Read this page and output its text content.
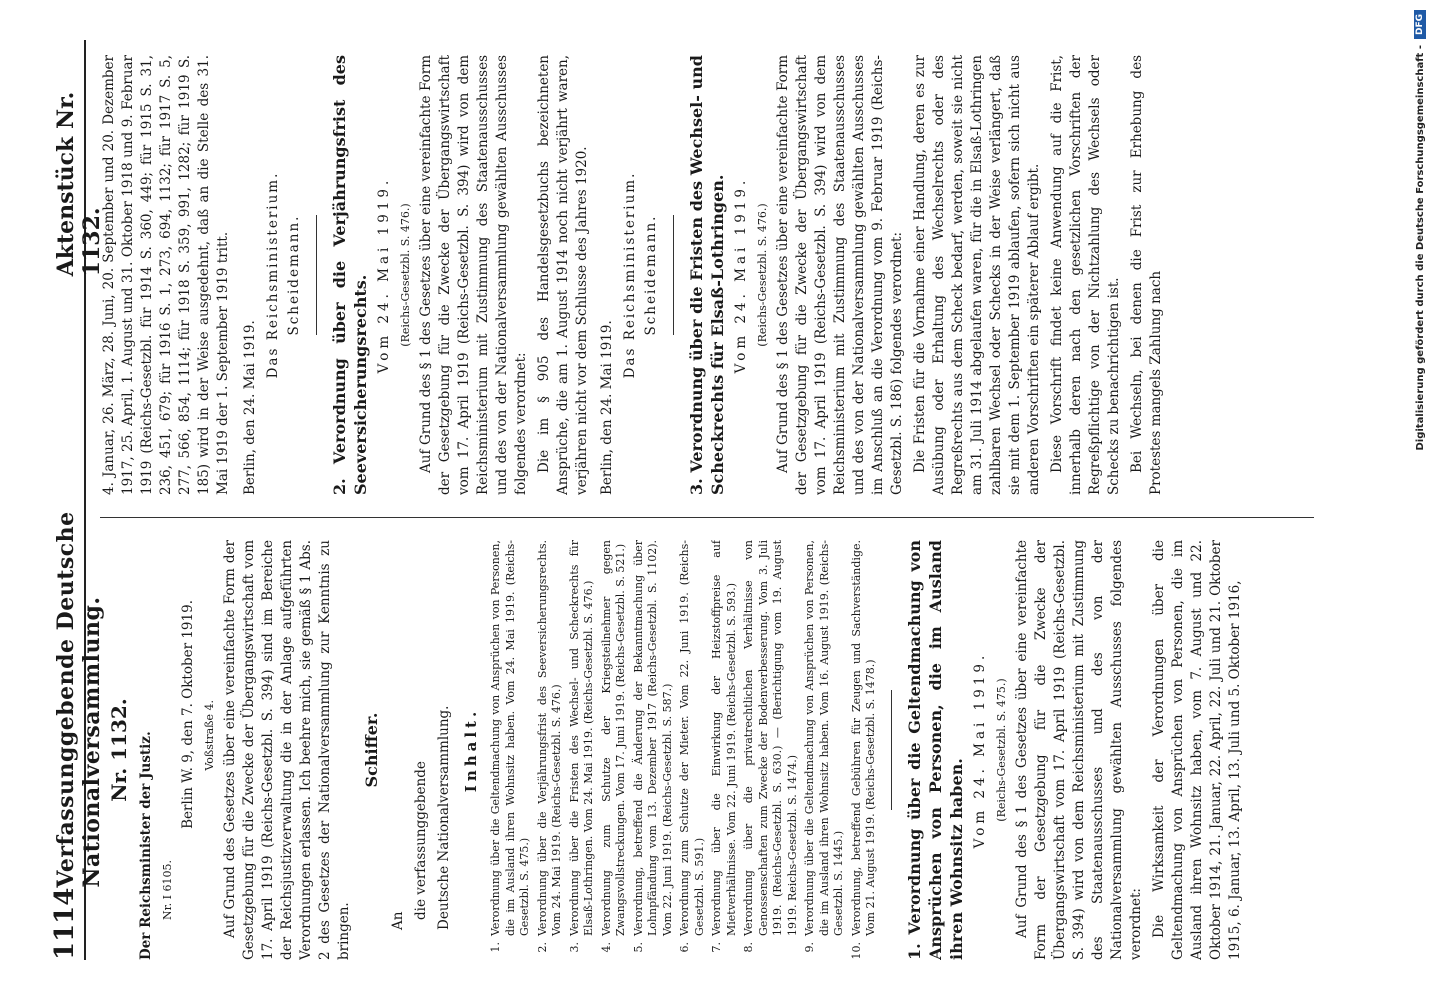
1114
Verfassunggebende Deutsche Nationalversammlung.
Aktenstück Nr. 1132.
Nr. 1132. Der Reichsminister der Justiz. Nr. I 6105.

Berlin W. 9, den 7. Oktober 1919. Voßstraße 4. Auf Grund des Gesetzes über eine vereinfachte Form der Gesetzgebung für die Zwecke der Übergangswirtschaft vom 17. April 1919 (Reichs-Gesetzbl. S. 394) sind im Bereiche der Reichsjustizverwaltung die in der Anlage aufgeführten Verordnungen erlassen. Ich beehre mich, sie gemäß § 1 Abs. 2 des Gesetzes der Nationalversammlung zur Kenntnis zu bringen.

Schiffer.

An

die verfassunggebende Deutsche Nationalversammlung. Inhalt.

1.
Verordnung über die Geltendmachung von Ansprüchen von Personen, die im Ausland ihren Wohnsitz haben. Vom 24. Mai 1919. (Reichs-Gesetzbl. S. 475.)
2.
Verordnung über die Verjährungsfrist des Seeversicherungsrechts. Vom 24. Mai 1919. (Reichs-Gesetzbl. S. 476.)
3.
Verordnung über die Fristen des Wechsel- und Scheckrechts für Elsaß-Lothringen. Vom 24. Mai 1919. (Reichs-Gesetzbl. S. 476.)
4.
Verordnung zum Schutze der Kriegsteilnehmer gegen Zwangsvollstreckungen. Vom 17. Juni 1919. (Reichs-Gesetzbl. S. 521.)
5.
Verordnung, betreffend die Änderung der Bekanntmachung über Lohnpfändung vom 13. Dezember 1917 (Reichs-Gesetzbl. S. 1102). Vom 22. Juni 1919. (Reichs-Gesetzbl. S. 587.)
6.
Verordnung zum Schutze der Mieter. Vom 22. Juni 1919. (Reichs-Gesetzbl. S. 591.)
7.
Verordnung über die Einwirkung der Heizstoffpreise auf Mietverhältnisse. Vom 22. Juni 1919. (Reichs-Gesetzbl. S. 593.)
8.
Verordnung über die privatrechtlichen Verhältnisse von Genossenschaften zum Zwecke der Bodenverbesserung. Vom 3. Juli 1919. (Reichs-Gesetzbl. S. 630.) — (Berichtigung vom 19. August 1919. Reichs-Gesetzbl. S. 1474.)
9.
Verordnung über die Geltendmachung von Ansprüchen von Personen, die im Ausland ihren Wohnsitz haben. Vom 16. August 1919. (Reichs-Gesetzbl. S. 1445.)
10.
Verordnung, betreffend Gebühren für Zeugen und Sachverständige. Vom 21. August 1919. (Reichs-Gesetzbl. S. 1478.) 1. Verordnung über die Geltendmachung von Ansprüchen von Personen, die im Ausland ihren Wohnsitz haben.

Vom 24. Mai 1919. (Reichs-Gesetzbl. S. 475.) Auf Grund des § 1 des Gesetzes über eine vereinfachte Form der Gesetzgebung für die Zwecke der Übergangswirtschaft vom 17. April 1919 (Reichs-Gesetzbl. S. 394) wird von dem Reichsministerium mit Zustimmung des Staatenausschusses und des von der Nationalversammlung gewählten Ausschusses folgendes verordnet: Die Wirksamkeit der Verordnungen über die Geltendmachung von Ansprüchen von Personen, die im Ausland ihren Wohnsitz haben, vom 7. August und 22. Oktober 1914, 21. Januar, 22. April, 22. Juli und 21. Oktober 1915, 6. Januar, 13. April, 13. Juli und 5. Oktober 1916,

4. Januar, 26. März, 28. Juni, 20. September und 20. Dezember 1917, 25. April, 1. August und 31. Oktober 1918 und 9. Februar 1919 (Reichs-Gesetzbl. für 1914 S. 360, 449; für 1915 S. 31, 236, 451, 679; für 1916 S. 1, 273, 694, 1132; für 1917 S. 5, 277, 566, 854, 1114; für 1918 S. 359, 991, 1282; für 1919 S. 185) wird in der Weise ausgedehnt, daß an die Stelle des 31. Mai 1919 der 1. September 1919 tritt. Berlin, den 24. Mai 1919.

Das Reichsministerium. Scheidemann. 2. Verordnung über die Verjährungsfrist des Seeversicherungsrechts. Vom 24. Mai 1919. (Reichs-Gesetzbl. S. 476.) Auf Grund des § 1 des Gesetzes über eine vereinfachte Form der Gesetzgebung für die Zwecke der Übergangswirtschaft vom 17. April 1919 (Reichs-Gesetzbl. S. 394) wird von dem Reichsministerium mit Zustimmung des Staatenausschusses und des von der Nationalversammlung gewählten Ausschusses folgendes verordnet: Die im § 905 des Handelsgesetzbuchs bezeichneten Ansprüche, die am 1. August 1914 noch nicht verjährt waren, verjähren nicht vor dem Schlusse des Jahres 1920. Berlin, den 24. Mai 1919.

Das Reichsministerium. Scheidemann. 3. Verordnung über die Fristen des Wechsel- und Scheckrechts für Elsaß-Lothringen. Vom 24. Mai 1919. (Reichs-Gesetzbl. S. 476.) Auf Grund des § 1 des Gesetzes über eine vereinfachte Form der Gesetzgebung für die Zwecke der Übergangswirtschaft vom 17. April 1919 (Reichs-Gesetzbl. S. 394) wird von dem Reichsministerium mit Zustimmung des Staatenausschusses und des von der Nationalversammlung gewählten Ausschusses im Anschluß an die Verordnung vom 9. Februar 1919 (Reichs-Gesetzbl. S. 186) folgendes verordnet: Die Fristen für die Vornahme einer Handlung, deren es zur Ausübung oder Erhaltung des Wechselrechts oder des Regreßrechts aus dem Scheck bedarf, werden, soweit sie nicht am 31. Juli 1914 abgelaufen waren, für die in Elsaß-Lothringen zahlbaren Wechsel oder Schecks in der Weise verlängert, daß sie mit dem 1. September 1919 ablaufen, sofern sich nicht aus anderen Vorschriften ein späterer Ablauf ergibt. Diese Vorschrift findet keine Anwendung auf die Frist, innerhalb deren nach den gesetzlichen Vorschriften der Regreßpflichtige von der Nichtzahlung des Wechsels oder Schecks zu benachrichtigen ist. Bei Wechseln, bei denen die Frist zur Erhebung des Protestes mangels Zahlung nach	Digitalisierung gefördert durch die Deutsche Forschungsgemeinschaft -
DFG
